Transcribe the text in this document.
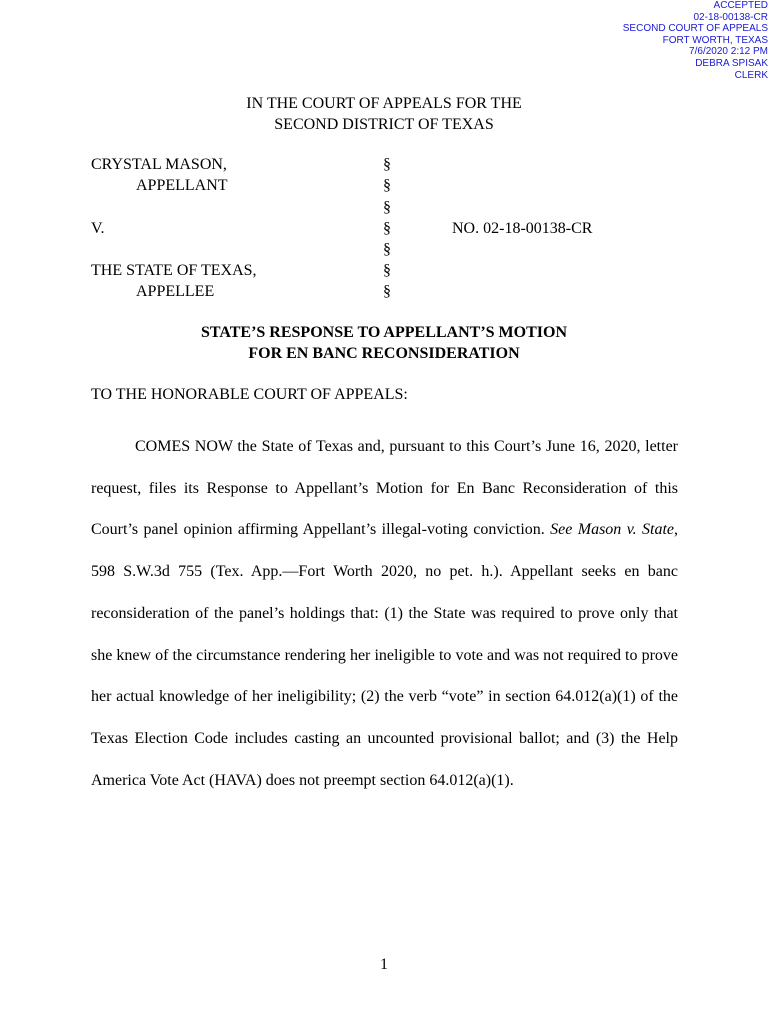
ACCEPTED
02-18-00138-CR
SECOND COURT OF APPEALS
FORT WORTH, TEXAS
7/6/2020 2:12 PM
DEBRA SPISAK
CLERK
IN THE COURT OF APPEALS FOR THE
SECOND DISTRICT OF TEXAS
CRYSTAL MASON,
APPELLANT
V.
THE STATE OF TEXAS,
APPELLEE
NO. 02-18-00138-CR
§
§
§
§
§
§
§
STATE’S RESPONSE TO APPELLANT’S MOTION
FOR EN BANC RECONSIDERATION
TO THE HONORABLE COURT OF APPEALS:

COMES NOW the State of Texas and, pursuant to this Court’s June 16, 2020, letter request, files its Response to Appellant’s Motion for En Banc Reconsideration of this Court’s panel opinion affirming Appellant’s illegal-voting conviction. See Mason v. State, 598 S.W.3d 755 (Tex. App.—Fort Worth 2020, no pet. h.). Appellant seeks en banc reconsideration of the panel’s holdings that: (1) the State was required to prove only that she knew of the circumstance rendering her ineligible to vote and was not required to prove her actual knowledge of her ineligibility; (2) the verb “vote” in section 64.012(a)(1) of the Texas Election Code includes casting an uncounted provisional ballot; and (3) the Help America Vote Act (HAVA) does not preempt section 64.012(a)(1).

1
